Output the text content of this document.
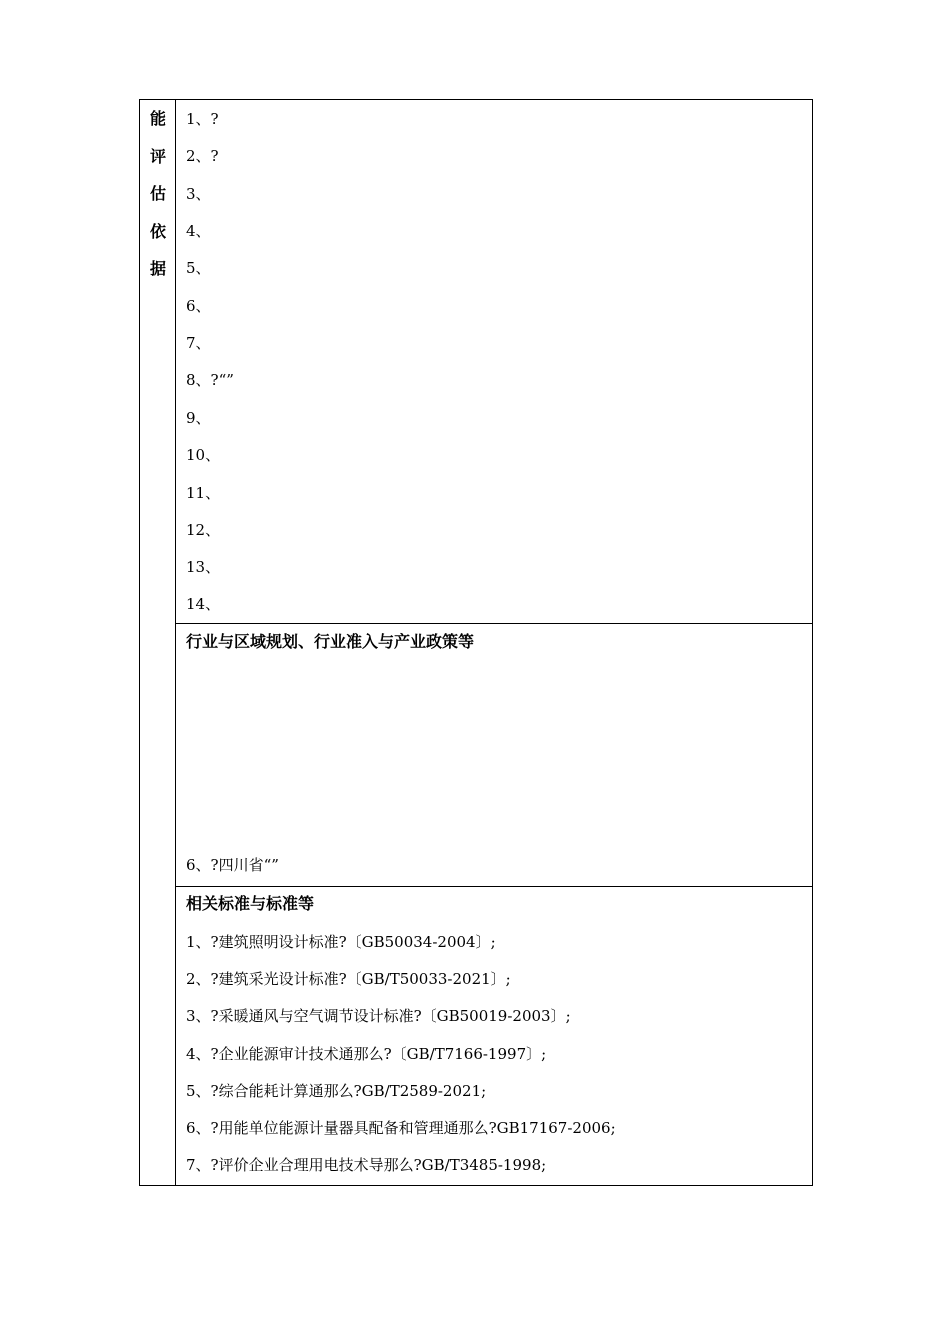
能
评
估
依
据
1、?
2、?
3、
4、
5、
6、
7、
8、?“”
9、
10、
11、
12、
13、
14、
行业与区域规划、行业准入与产业政策等
6、?四川省“”
相关标准与标准等
1、?建筑照明设计标准?〔GB50034-2004〕;
2、?建筑采光设计标准?〔GB/T50033-2021〕;
3、?采暖通风与空气调节设计标准?〔GB50019-2003〕;
4、?企业能源审计技术通那么?〔GB/T7166-1997〕;
5、?综合能耗计算通那么?GB/T2589-2021;
6、?用能单位能源计量器具配备和管理通那么?GB17167-2006;
7、?评价企业合理用电技术导那么?GB/T3485-1998;
